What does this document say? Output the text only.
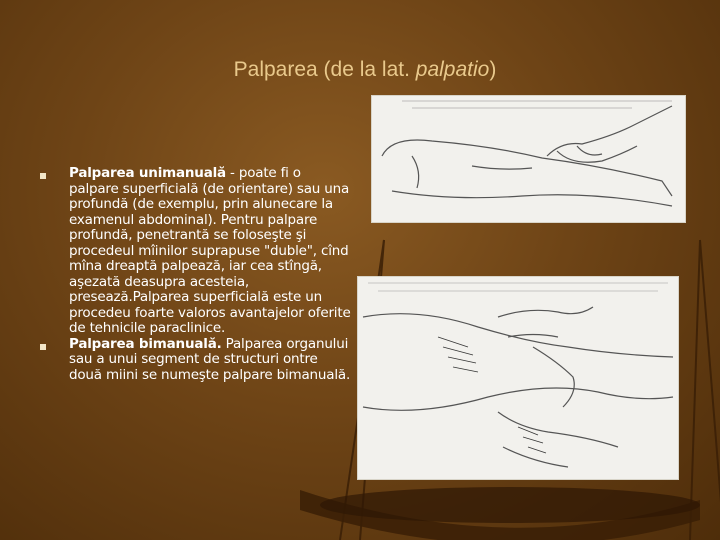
Palparea (de la lat. palpatio)
Palparea unimanuală - poate fi o palpare superficială (de orientare) sau una profundă (de exemplu, prin alunecare la examenul abdominal). Pentru palpare profundă, penetrantă se foloseşte şi procedeul mîinilor suprapuse "duble", cînd mîna dreaptă palpează, iar cea stîngă, aşezată deasupra acesteia, presează.Palparea superficială este un procedeu foarte valoros avantajelor oferite de tehnicile paraclinice.
Palparea bimanuală. Palparea organului sau a unui segment de structuri ontre două miini se numeşte palpare bimanuală.
